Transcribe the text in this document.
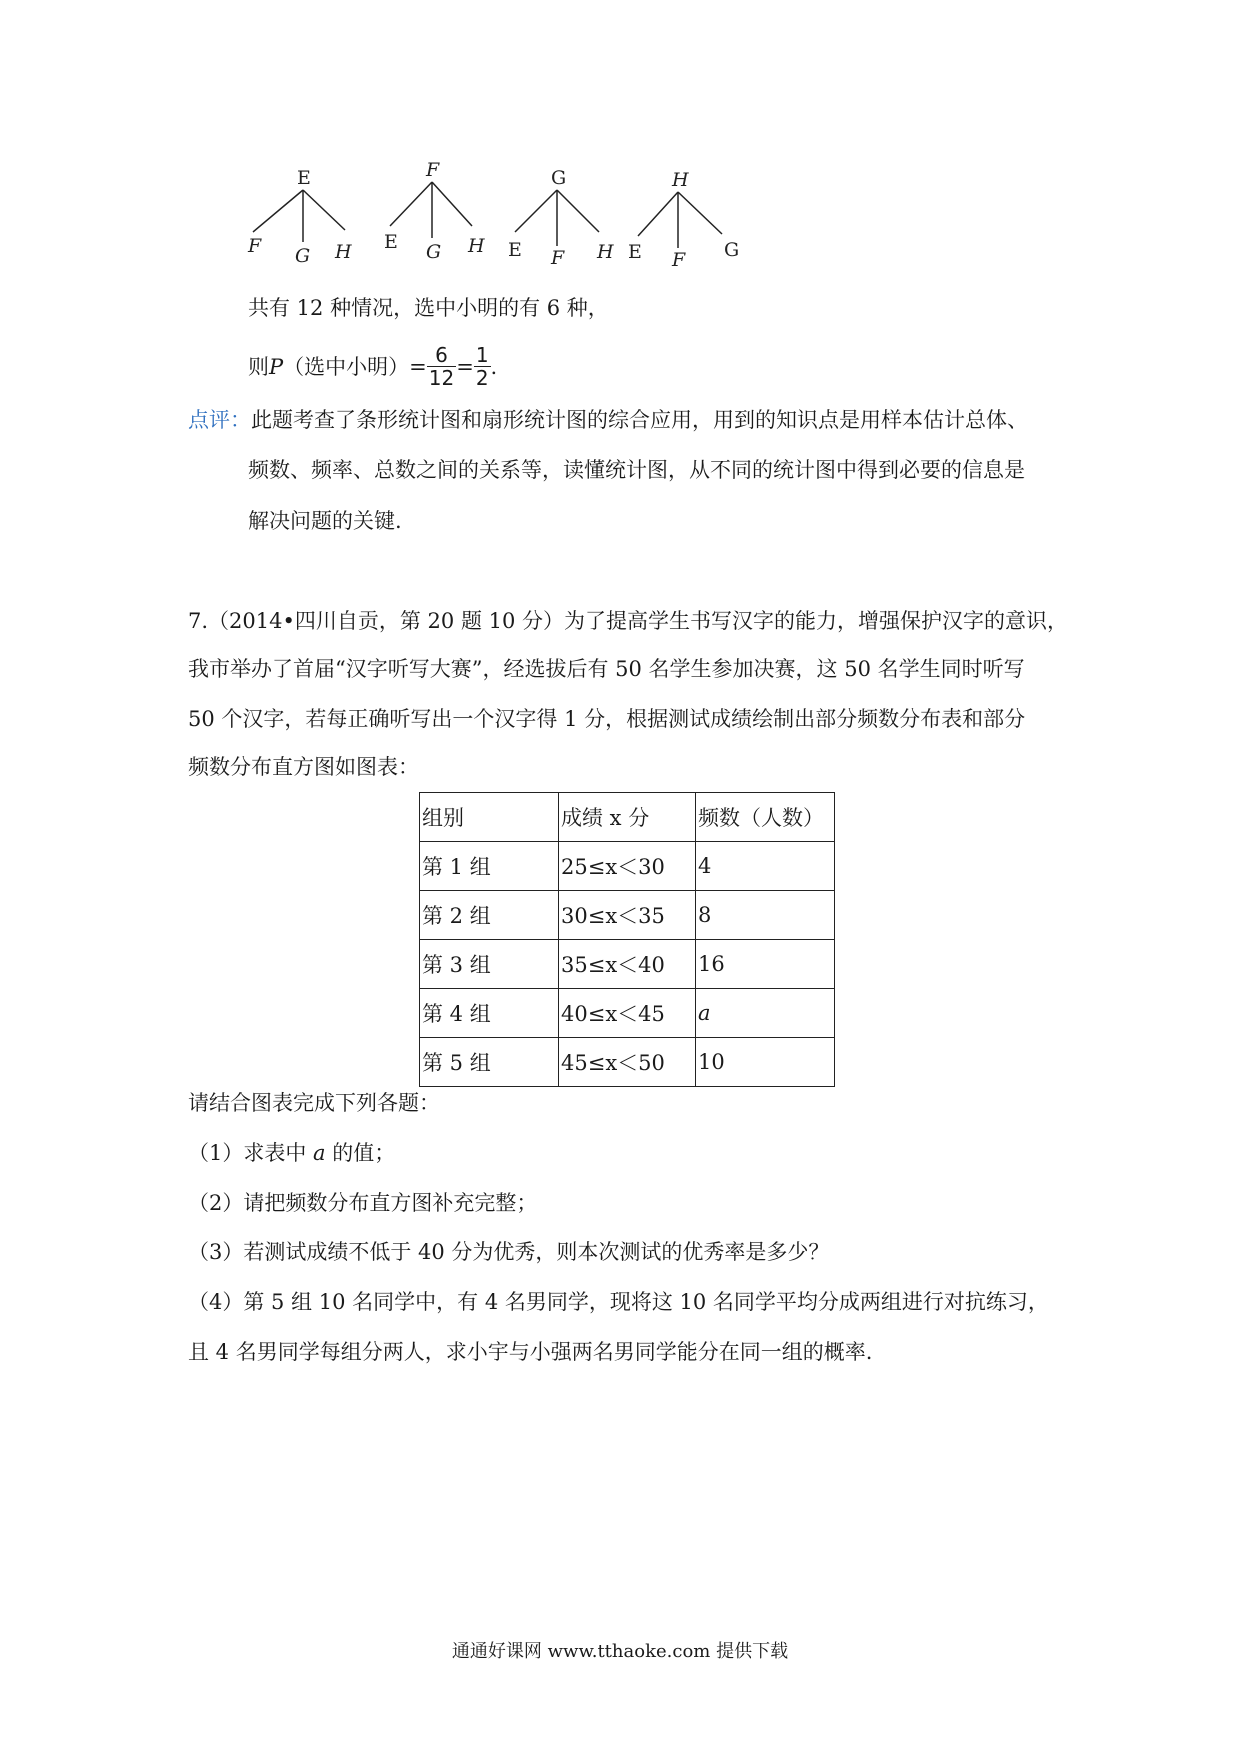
E
F G H
F
E G H
G
E F H
H
E F G
共有 12 种情况，选中小明的有 6 种，
则 P （选中小明）= $\frac{6}{12} = \frac{1}{2}$ .
点评：此题考查了条形统计图和扇形统计图的综合应用，用到的知识点是用样本估计总体、
频数、频率、总数之间的关系等，读懂统计图，从不同的统计图中得到必要的信息是
解决问题的关键.
7.（2014•四川自贡，第 20 题 10 分）为了提高学生书写汉字的能力，增强保护汉字的意识，
我市举办了首届“汉字听写大赛”，经选拔后有 50 名学生参加决赛，这 50 名学生同时听写
50 个汉字，若每正确听写出一个汉字得 1 分，根据测试成绩绘制出部分频数分布表和部分
频数分布直方图如图表：
组别	成绩 x 分	频数（人数）
第 1 组	25≤x＜30	4
第 2 组	30≤x＜35	8
第 3 组	35≤x＜40	16
第 4 组	40≤x＜45	a
第 5 组	45≤x＜50	10
请结合图表完成下列各题：
（1）求表中 a 的值；
（2）请把频数分布直方图补充完整；
（3）若测试成绩不低于 40 分为优秀，则本次测试的优秀率是多少？
（4）第 5 组 10 名同学中，有 4 名男同学，现将这 10 名同学平均分成两组进行对抗练习，
且 4 名男同学每组分两人，求小宇与小强两名男同学能分在同一组的概率.
通通好课网 www.tthaoke.com 提供下载
